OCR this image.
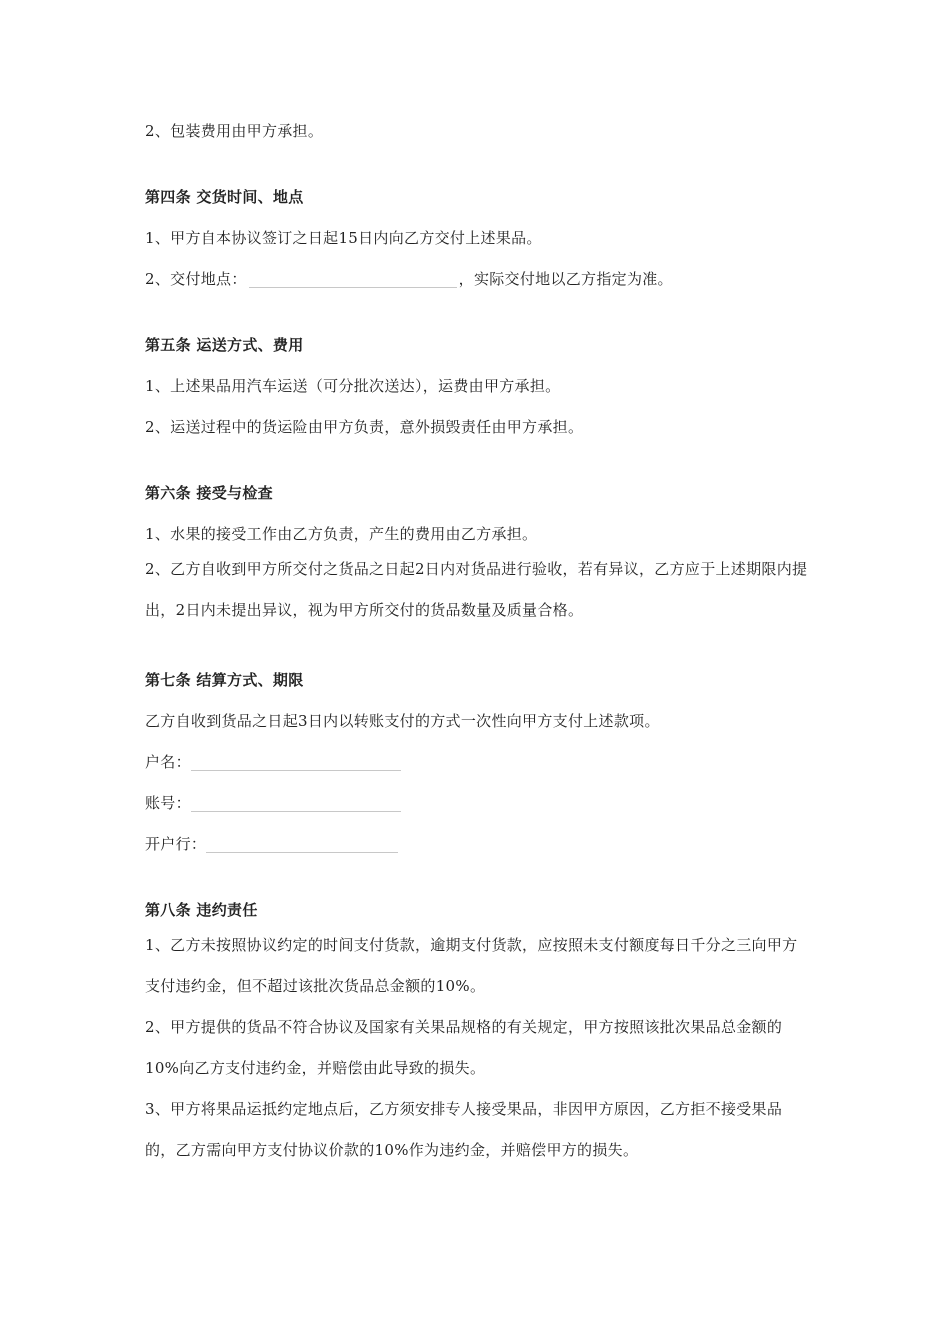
2、包装费用由甲方承担。

第四条 交货时间、地点

1、甲方自本协议签订之日起15日内向乙方交付上述果品。

2、交付地点：	，实际交付地以乙方指定为准。

第五条 运送方式、费用

1、上述果品用汽车运送（可分批次送达），运费由甲方承担。

2、运送过程中的货运险由甲方负责，意外损毁责任由甲方承担。

第六条 接受与检查

1、水果的接受工作由乙方负责，产生的费用由乙方承担。

2、乙方自收到甲方所交付之货品之日起2日内对货品进行验收，若有异议，乙方应于上述期限内提出，2日内未提出异议，视为甲方所交付的货品数量及质量合格。

第七条 结算方式、期限

乙方自收到货品之日起3日内以转账支付的方式一次性向甲方支付上述款项。

户名：

账号：

开户行：

第八条 违约责任

1、乙方未按照协议约定的时间支付货款，逾期支付货款，应按照未支付额度每日千分之三向甲方支付违约金，但不超过该批次货品总金额的10%。

2、甲方提供的货品不符合协议及国家有关果品规格的有关规定，甲方按照该批次果品总金额的10%向乙方支付违约金，并赔偿由此导致的损失。

3、甲方将果品运抵约定地点后，乙方须安排专人接受果品，非因甲方原因，乙方拒不接受果品的，乙方需向甲方支付协议价款的10%作为违约金，并赔偿甲方的损失。
